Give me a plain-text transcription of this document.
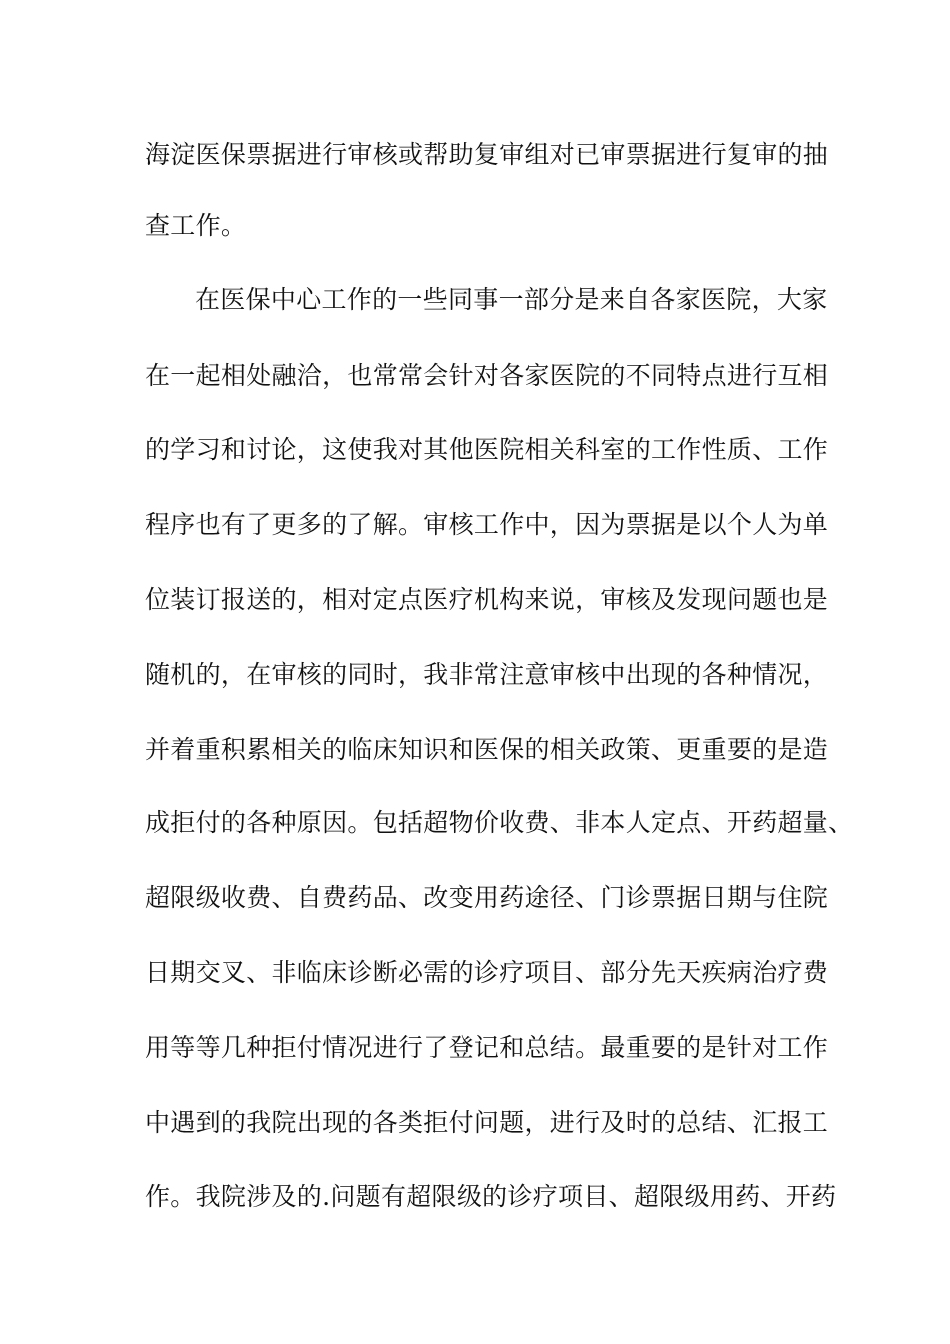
海淀医保票据进行审核或帮助复审组对已审票据进行复审的抽
查工作。
在医保中心工作的一些同事一部分是来自各家医院，大家
在一起相处融洽，也常常会针对各家医院的不同特点进行互相
的学习和讨论，这使我对其他医院相关科室的工作性质、工作
程序也有了更多的了解。审核工作中，因为票据是以个人为单
位装订报送的，相对定点医疗机构来说，审核及发现问题也是
随机的，在审核的同时，我非常注意审核中出现的各种情况，
并着重积累相关的临床知识和医保的相关政策、更重要的是造
成拒付的各种原因。包括超物价收费、非本人定点、开药超量、
超限级收费、自费药品、改变用药途径、门诊票据日期与住院
日期交叉、非临床诊断必需的诊疗项目、部分先天疾病治疗费
用等等几种拒付情况进行了登记和总结。最重要的是针对工作
中遇到的我院出现的各类拒付问题，进行及时的总结、汇报工
作。我院涉及的.问题有超限级的诊疗项目、超限级用药、开药
